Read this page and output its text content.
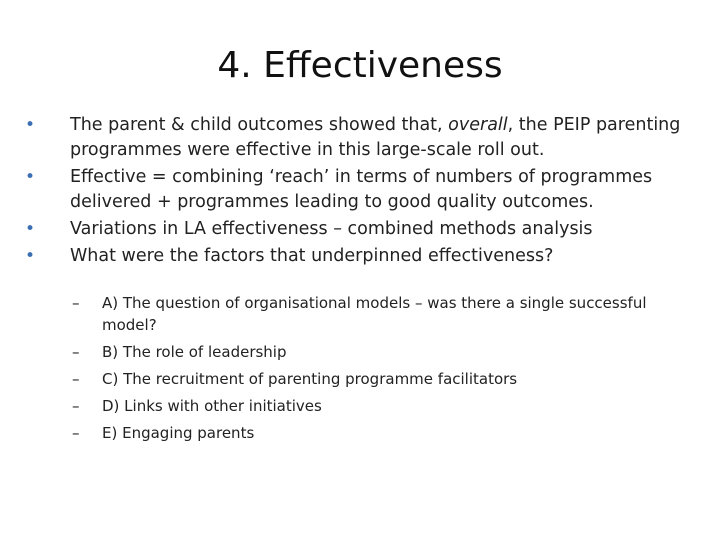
4. Effectiveness
•	The parent & child outcomes showed that, overall, the PEIP parenting programmes were effective in this large-scale roll out.
•	Effective = combining ‘reach’ in terms of numbers of programmes delivered + programmes leading to good quality outcomes.
•	Variations in LA effectiveness – combined methods analysis
•	What were the factors that underpinned effectiveness?
–	A) The question of organisational models – was there a single successful model?
–	B) The role of leadership
–	C) The recruitment of parenting programme facilitators
–	D) Links with other initiatives
–	E) Engaging parents
